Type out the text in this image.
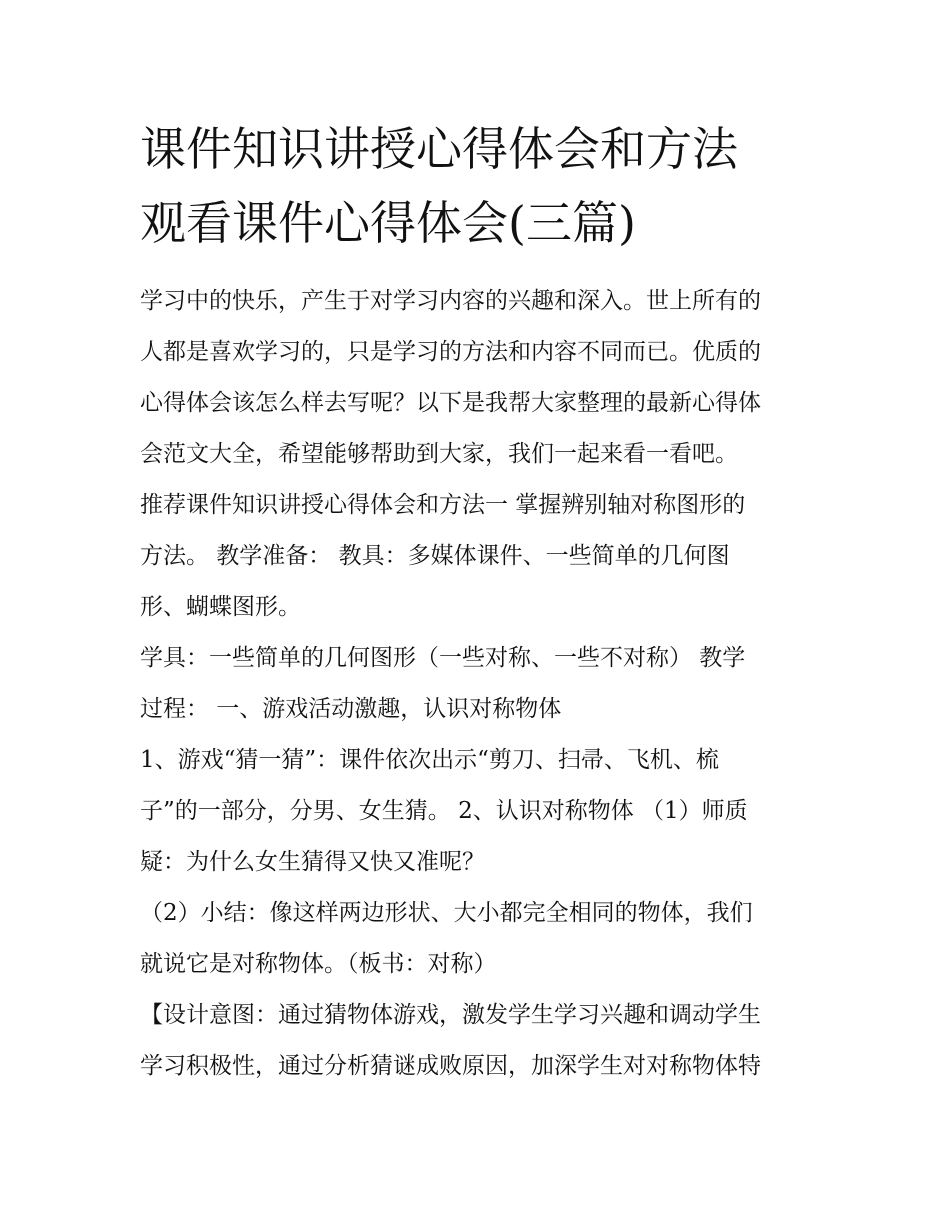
课件知识讲授心得体会和方法
观看课件心得体会(三篇)
学习中的快乐，产生于对学习内容的兴趣和深入。世上所有的
人都是喜欢学习的，只是学习的方法和内容不同而已。优质的
心得体会该怎么样去写呢？以下是我帮大家整理的最新心得体
会范文大全，希望能够帮助到大家，我们一起来看一看吧。
推荐课件知识讲授心得体会和方法一 掌握辨别轴对称图形的
方法。 教学准备： 教具：多媒体课件、一些简单的几何图
形、蝴蝶图形。
学具：一些简单的几何图形（一些对称、一些不对称） 教学
过程： 一、游戏活动激趣，认识对称物体
1、游戏“猜一猜”：课件依次出示“剪刀、扫帚、飞机、梳
子”的一部分，分男、女生猜。 2、认识对称物体 （1）师质
疑：为什么女生猜得又快又准呢？
（2）小结：像这样两边形状、大小都完全相同的物体，我们
就说它是对称物体。（板书：对称）
【设计意图：通过猜物体游戏，激发学生学习兴趣和调动学生
学习积极性，通过分析猜谜成败原因，加深学生对对称物体特
